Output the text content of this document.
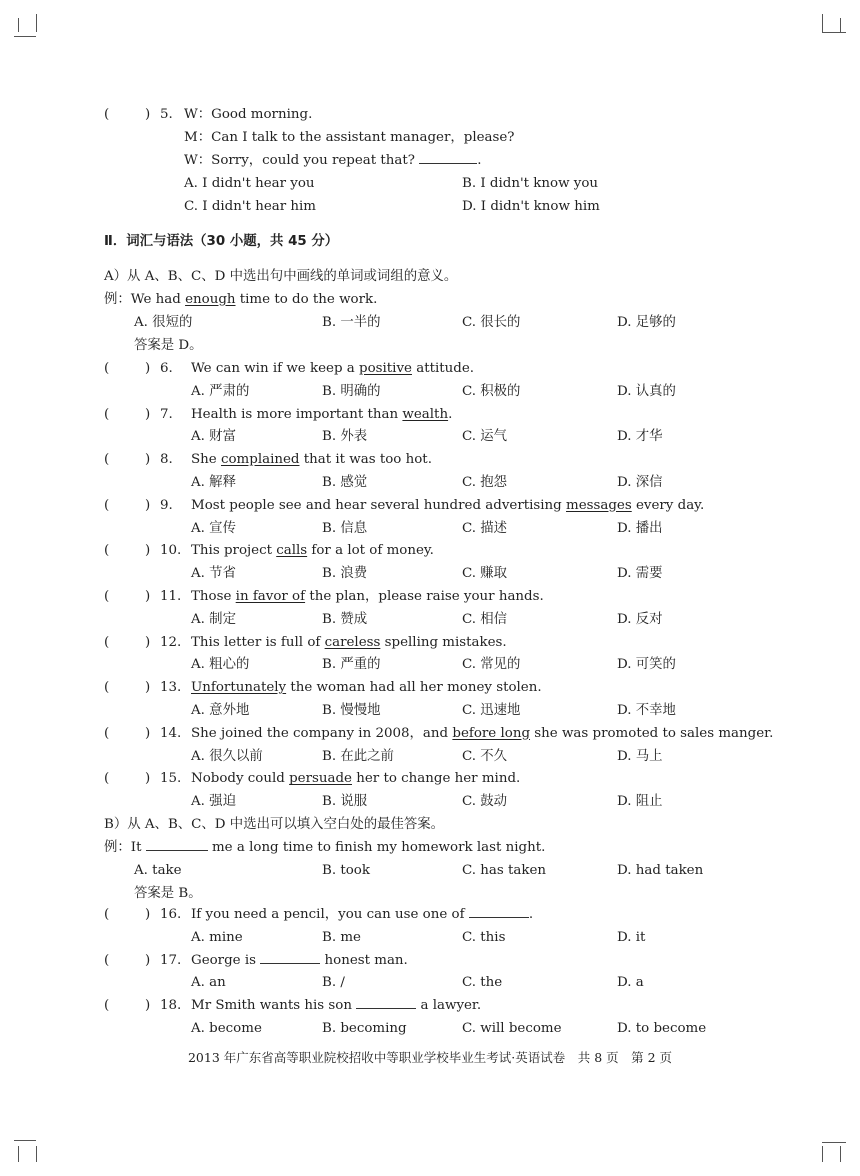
(	) 5. W：Good morning.
M：Can I talk to the assistant manager，please?
W：Sorry，could you repeat that?	.
A. I didn't hear you	B. I didn't know you
C. I didn't hear him	D. I didn't know him
Ⅱ．词汇与语法（30 小题，共 45 分）
A）从 A、B、C、D 中选出句中画线的单词或词组的意义。
例：We had enough time to do the work.
A. 很短的	B. 一半的	C. 很长的	D. 足够的
答案是 D。
(	) 6. We can win if we keep a positive attitude.
A. 严肃的	B. 明确的	C. 积极的	D. 认真的
(	) 7. Health is more important than wealth.
A. 财富	B. 外表	C. 运气	D. 才华
(	) 8. She complained that it was too hot.
A. 解释	B. 感觉	C. 抱怨	D. 深信
(	) 9. Most people see and hear several hundred advertising messages every day.
A. 宣传	B. 信息	C. 描述	D. 播出
(	) 10. This project calls for a lot of money.
A. 节省	B. 浪费	C. 赚取	D. 需要
(	) 11. Those in favor of the plan，please raise your hands.
A. 制定	B. 赞成	C. 相信	D. 反对
(	) 12. This letter is full of careless spelling mistakes.
A. 粗心的	B. 严重的	C. 常见的	D. 可笑的
(	) 13. Unfortunately the woman had all her money stolen.
A. 意外地	B. 慢慢地	C. 迅速地	D. 不幸地
(	) 14. She joined the company in 2008，and before long she was promoted to sales manger.
A. 很久以前	B. 在此之前	C. 不久	D. 马上
(	) 15. Nobody could persuade her to change her mind.
A. 强迫	B. 说服	C. 鼓动	D. 阻止
B）从 A、B、C、D 中选出可以填入空白处的最佳答案。
例：It	me a long time to finish my homework last night.
A. take	B. took	C. has taken	D. had taken
答案是 B。
(	) 16. If you need a pencil，you can use one of	.
A. mine	B. me	C. this	D. it
(	) 17. George is	honest man.
A. an	B. /	C. the	D. a
(	) 18. Mr Smith wants his son	a lawyer.
A. become	B. becoming	C. will become	D. to become
2013 年广东省高等职业院校招收中等职业学校毕业生考试·英语试卷　共 8 页　第 2 页
